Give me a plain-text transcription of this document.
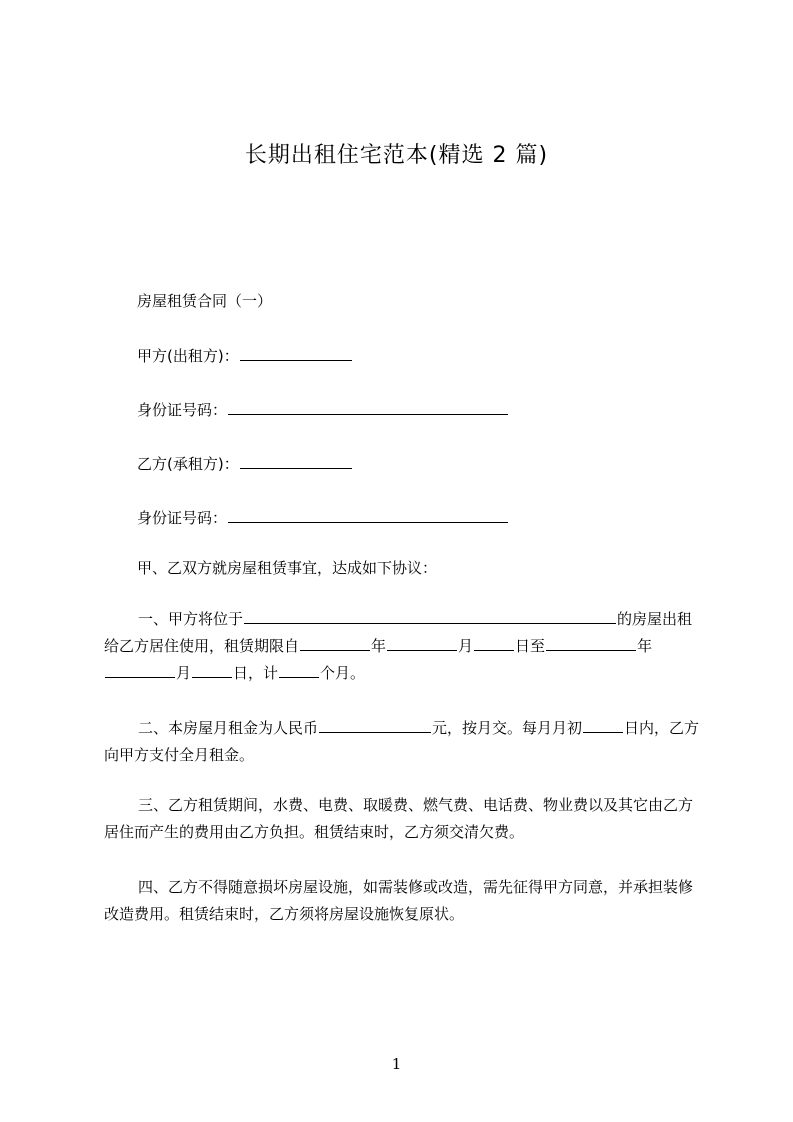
长期出租住宅范本(精选 2 篇)
房屋租赁合同（一）
甲方(出租方)：
身份证号码：
乙方(承租方)：
身份证号码：
甲、乙双方就房屋租赁事宜，达成如下协议：
一、甲方将位于	的房屋出租给乙方居住使用，租赁期限自	年	月	日至	年月	日，计	个月。
二、本房屋月租金为人民币	元，按月交。每月月初	日内，乙方向甲方支付全月租金。
三、乙方租赁期间，水费、电费、取暖费、燃气费、电话费、物业费以及其它由乙方居住而产生的费用由乙方负担。租赁结束时，乙方须交清欠费。
四、乙方不得随意损坏房屋设施，如需装修或改造，需先征得甲方同意，并承担装修改造费用。租赁结束时，乙方须将房屋设施恢复原状。
1
